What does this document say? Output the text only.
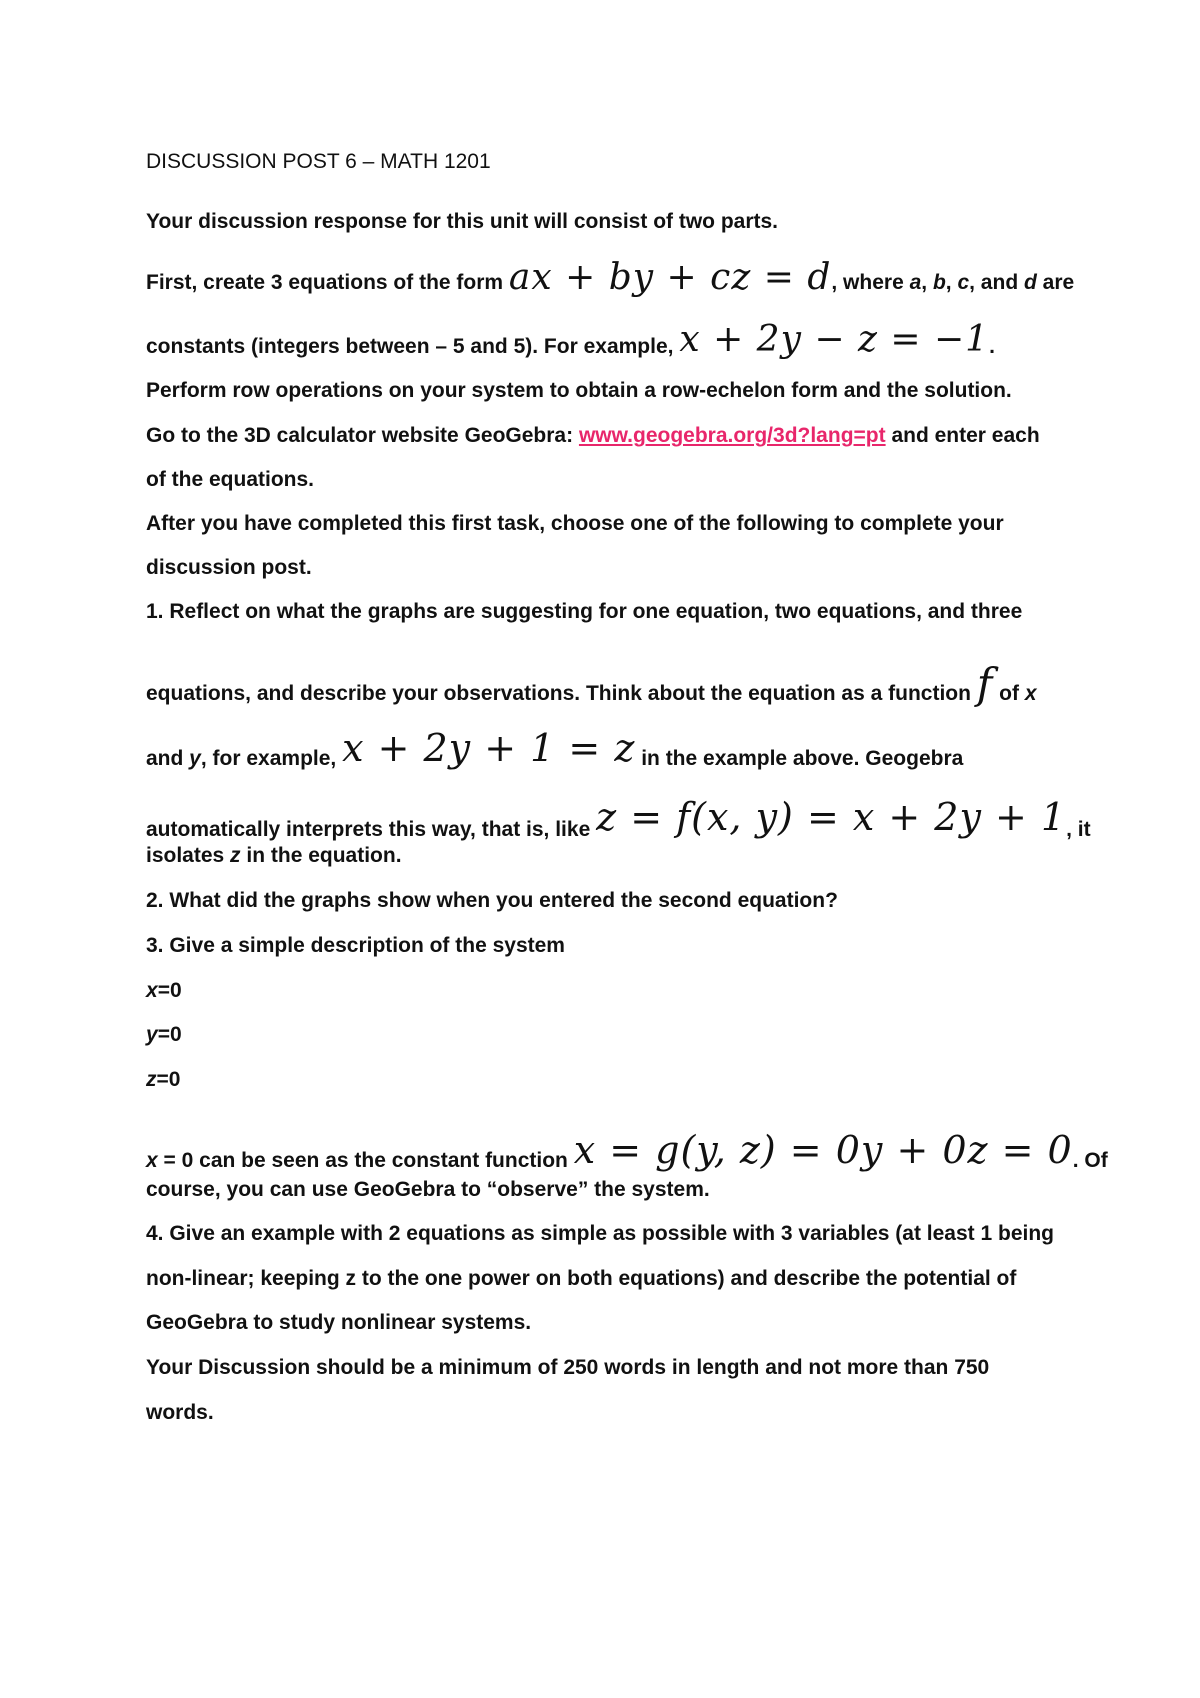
DISCUSSION POST 6 – MATH 1201
Your discussion response for this unit will consist of two parts.
First, create 3 equations of the form ax + by + cz = d, where a, b, c, and d are
constants (integers between – 5 and 5). For example, x + 2y − z = −1.
Perform row operations on your system to obtain a row-echelon form and the solution.
Go to the 3D calculator website GeoGebra: www.geogebra.org/3d?lang=pt and enter each
of the equations.
After you have completed this first task, choose one of the following to complete your
discussion post.
1. Reflect on what the graphs are suggesting for one equation, two equations, and three
equations, and describe your observations. Think about the equation as a function f of x
and y, for example, x + 2y + 1 = z in the example above. Geogebra
automatically interprets this way, that is, like z = f(x, y) = x + 2y + 1, it
isolates z in the equation.
2. What did the graphs show when you entered the second equation?
3. Give a simple description of the system
x=0
y=0
z=0
x = 0 can be seen as the constant function x = g(y, z) = 0y + 0z = 0. Of
course, you can use GeoGebra to “observe” the system.
4. Give an example with 2 equations as simple as possible with 3 variables (at least 1 being
non-linear; keeping z to the one power on both equations) and describe the potential of
GeoGebra to study nonlinear systems.
Your Discussion should be a minimum of 250 words in length and not more than 750
words.
